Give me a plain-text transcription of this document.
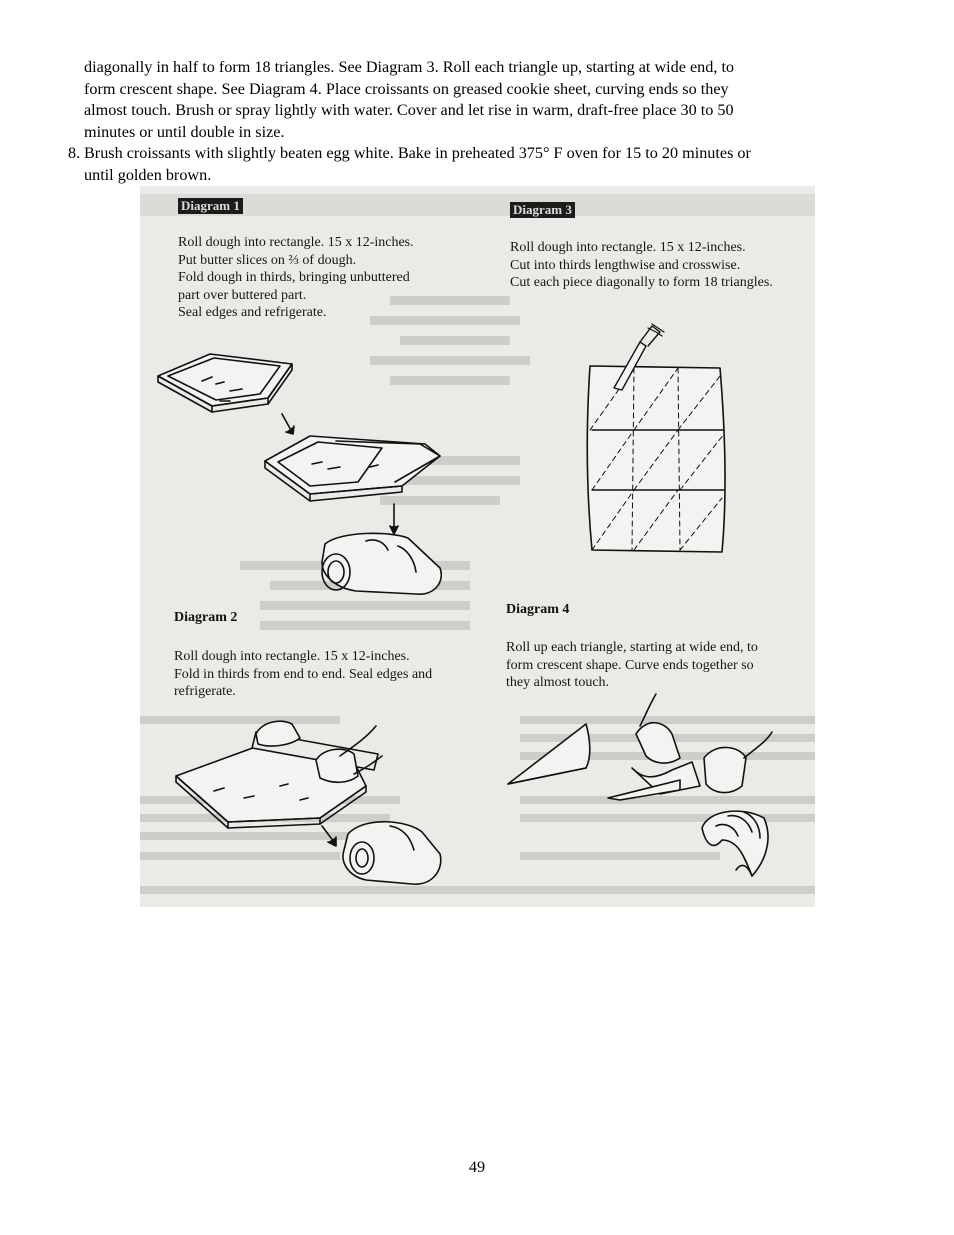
diagonally in half to form 18 triangles. See Diagram 3. Roll each triangle up, starting at wide end, to

form crescent shape. See Diagram 4. Place croissants on greased cookie sheet, curving ends so they

almost touch. Brush or spray lightly with water. Cover and let rise in warm, draft-free place 30 to 50

minutes or until double in size.

8. Brush croissants with slightly beaten egg white. Bake in preheated 375° F oven for 15 to 20 minutes or

until golden brown.

Diagram 1
Roll dough into rectangle. 15 x 12-inches.
Put butter slices on ⅔ of dough.
Fold dough in thirds, bringing unbuttered
part over buttered part.
Seal edges and refrigerate.
Diagram 2
Roll dough into rectangle. 15 x 12-inches.
Fold in thirds from end to end. Seal edges and
refrigerate.
Diagram 3
Roll dough into rectangle. 15 x 12-inches.
Cut into thirds lengthwise and crosswise.
Cut each piece diagonally to form 18 triangles.
Diagram 4
Roll up each triangle, starting at wide end, to
form crescent shape. Curve ends together so
they almost touch.
49
